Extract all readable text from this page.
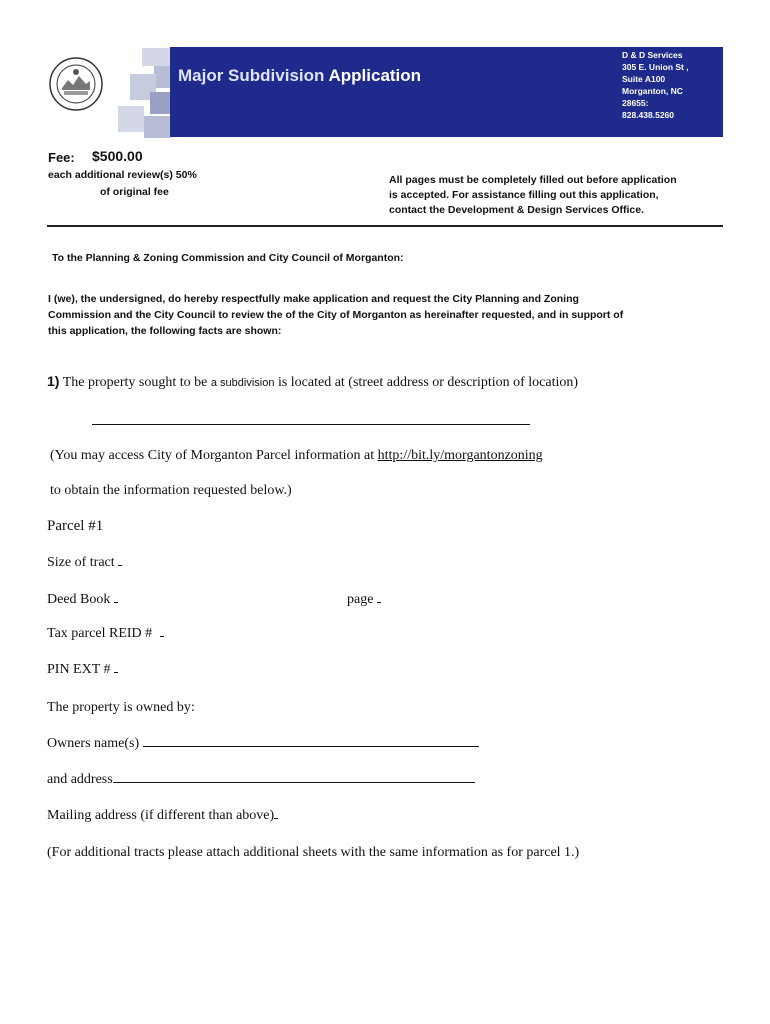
Major Subdivision Application
D & D Services
305 E. Union St ,
Suite A100
Morganton, NC
28655:
828.438.5260
Fee: $500.00
each additional review(s) 50%
of original fee
All pages must be completely filled out before application
is accepted. For assistance filling out this application,
contact the Development & Design Services Office.
To the Planning & Zoning Commission and City Council of Morganton:
I (we), the undersigned, do hereby respectfully make application and request the City Planning and Zoning
Commission and the City Council to review the of the City of Morganton as hereinafter requested, and in support of
this application, the following facts are shown:
1) The property sought to be a subdivision is located at (street address or description of location)
(You may access City of Morganton Parcel information at http://bit.ly/morgantonzoning
to obtain the information requested below.)
Parcel #1
Size of tract
Deed Book	page
Tax parcel REID #
PIN EXT #
The property is owned by:
Owners name(s)
and address
Mailing address (if different than above)
(For additional tracts please attach additional sheets with the same information as for parcel 1.)
